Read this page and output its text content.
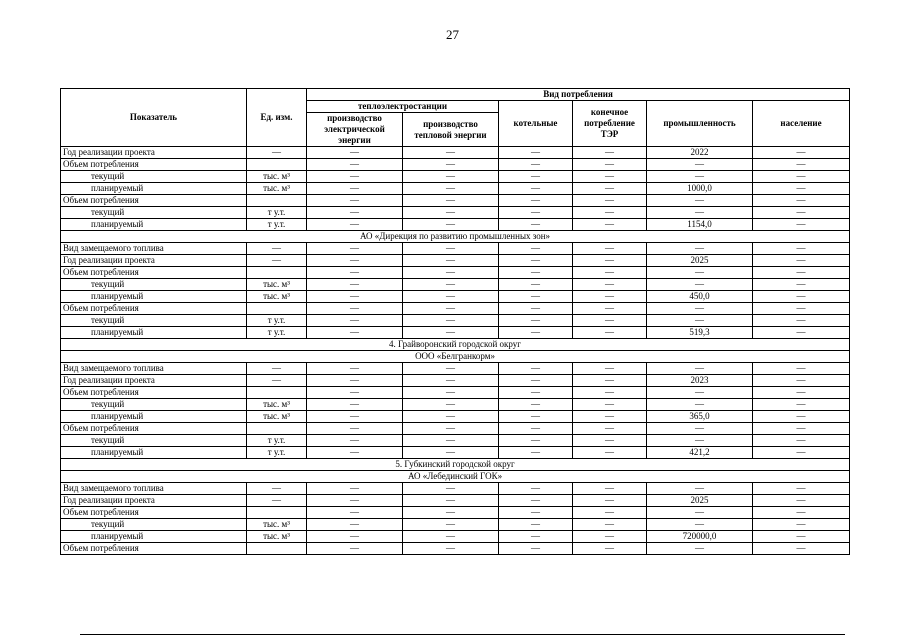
27
Показатель	Ед. изм.	Вид потребления					
		теплоэлектростанции		котельные	конечное потребление ТЭР	промышленность	население
		производство электрической энергии	производство тепловой энергии				
Год реализации проекта	—	—	—	—	—	2022	—
Объем потребления		—	—	—	—	—	—
текущий	тыс. м³	—	—	—	—	—	—
планируемый	тыс. м³	—	—	—	—	1000,0	—
Объем потребления		—	—	—	—	—	—
текущий	т у.т.	—	—	—	—	—	—
планируемый	т у.т.	—	—	—	—	1154,0	—
АО «Дирекция по развитию промышленных зон»							
Вид замещаемого топлива	—	—	—	—	—	—	—
Год реализации проекта	—	—	—	—	—	2025	—
Объем потребления		—	—	—	—	—	—
текущий	тыс. м³	—	—	—	—	—	—
планируемый	тыс. м³	—	—	—	—	450,0	—
Объем потребления		—	—	—	—	—	—
текущий	т у.т.	—	—	—	—	—	—
планируемый	т у.т.	—	—	—	—	519,3	—
4. Грайворонский городской округ							
ООО «Белгранкорм»							
Вид замещаемого топлива	—	—	—	—	—	—	—
Год реализации проекта	—	—	—	—	—	2023	—
Объем потребления		—	—	—	—	—	—
текущий	тыс. м³	—	—	—	—	—	—
планируемый	тыс. м³	—	—	—	—	365,0	—
Объем потребления		—	—	—	—	—	—
текущий	т у.т.	—	—	—	—	—	—
планируемый	т у.т.	—	—	—	—	421,2	—
5. Губкинский городской округ							
АО «Лебединский ГОК»							
Вид замещаемого топлива	—	—	—	—	—	—	—
Год реализации проекта	—	—	—	—	—	2025	—
Объем потребления		—	—	—	—	—	—
текущий	тыс. м³	—	—	—	—	—	—
планируемый	тыс. м³	—	—	—	—	720000,0	—
Объем потребления		—	—	—	—	—	—
